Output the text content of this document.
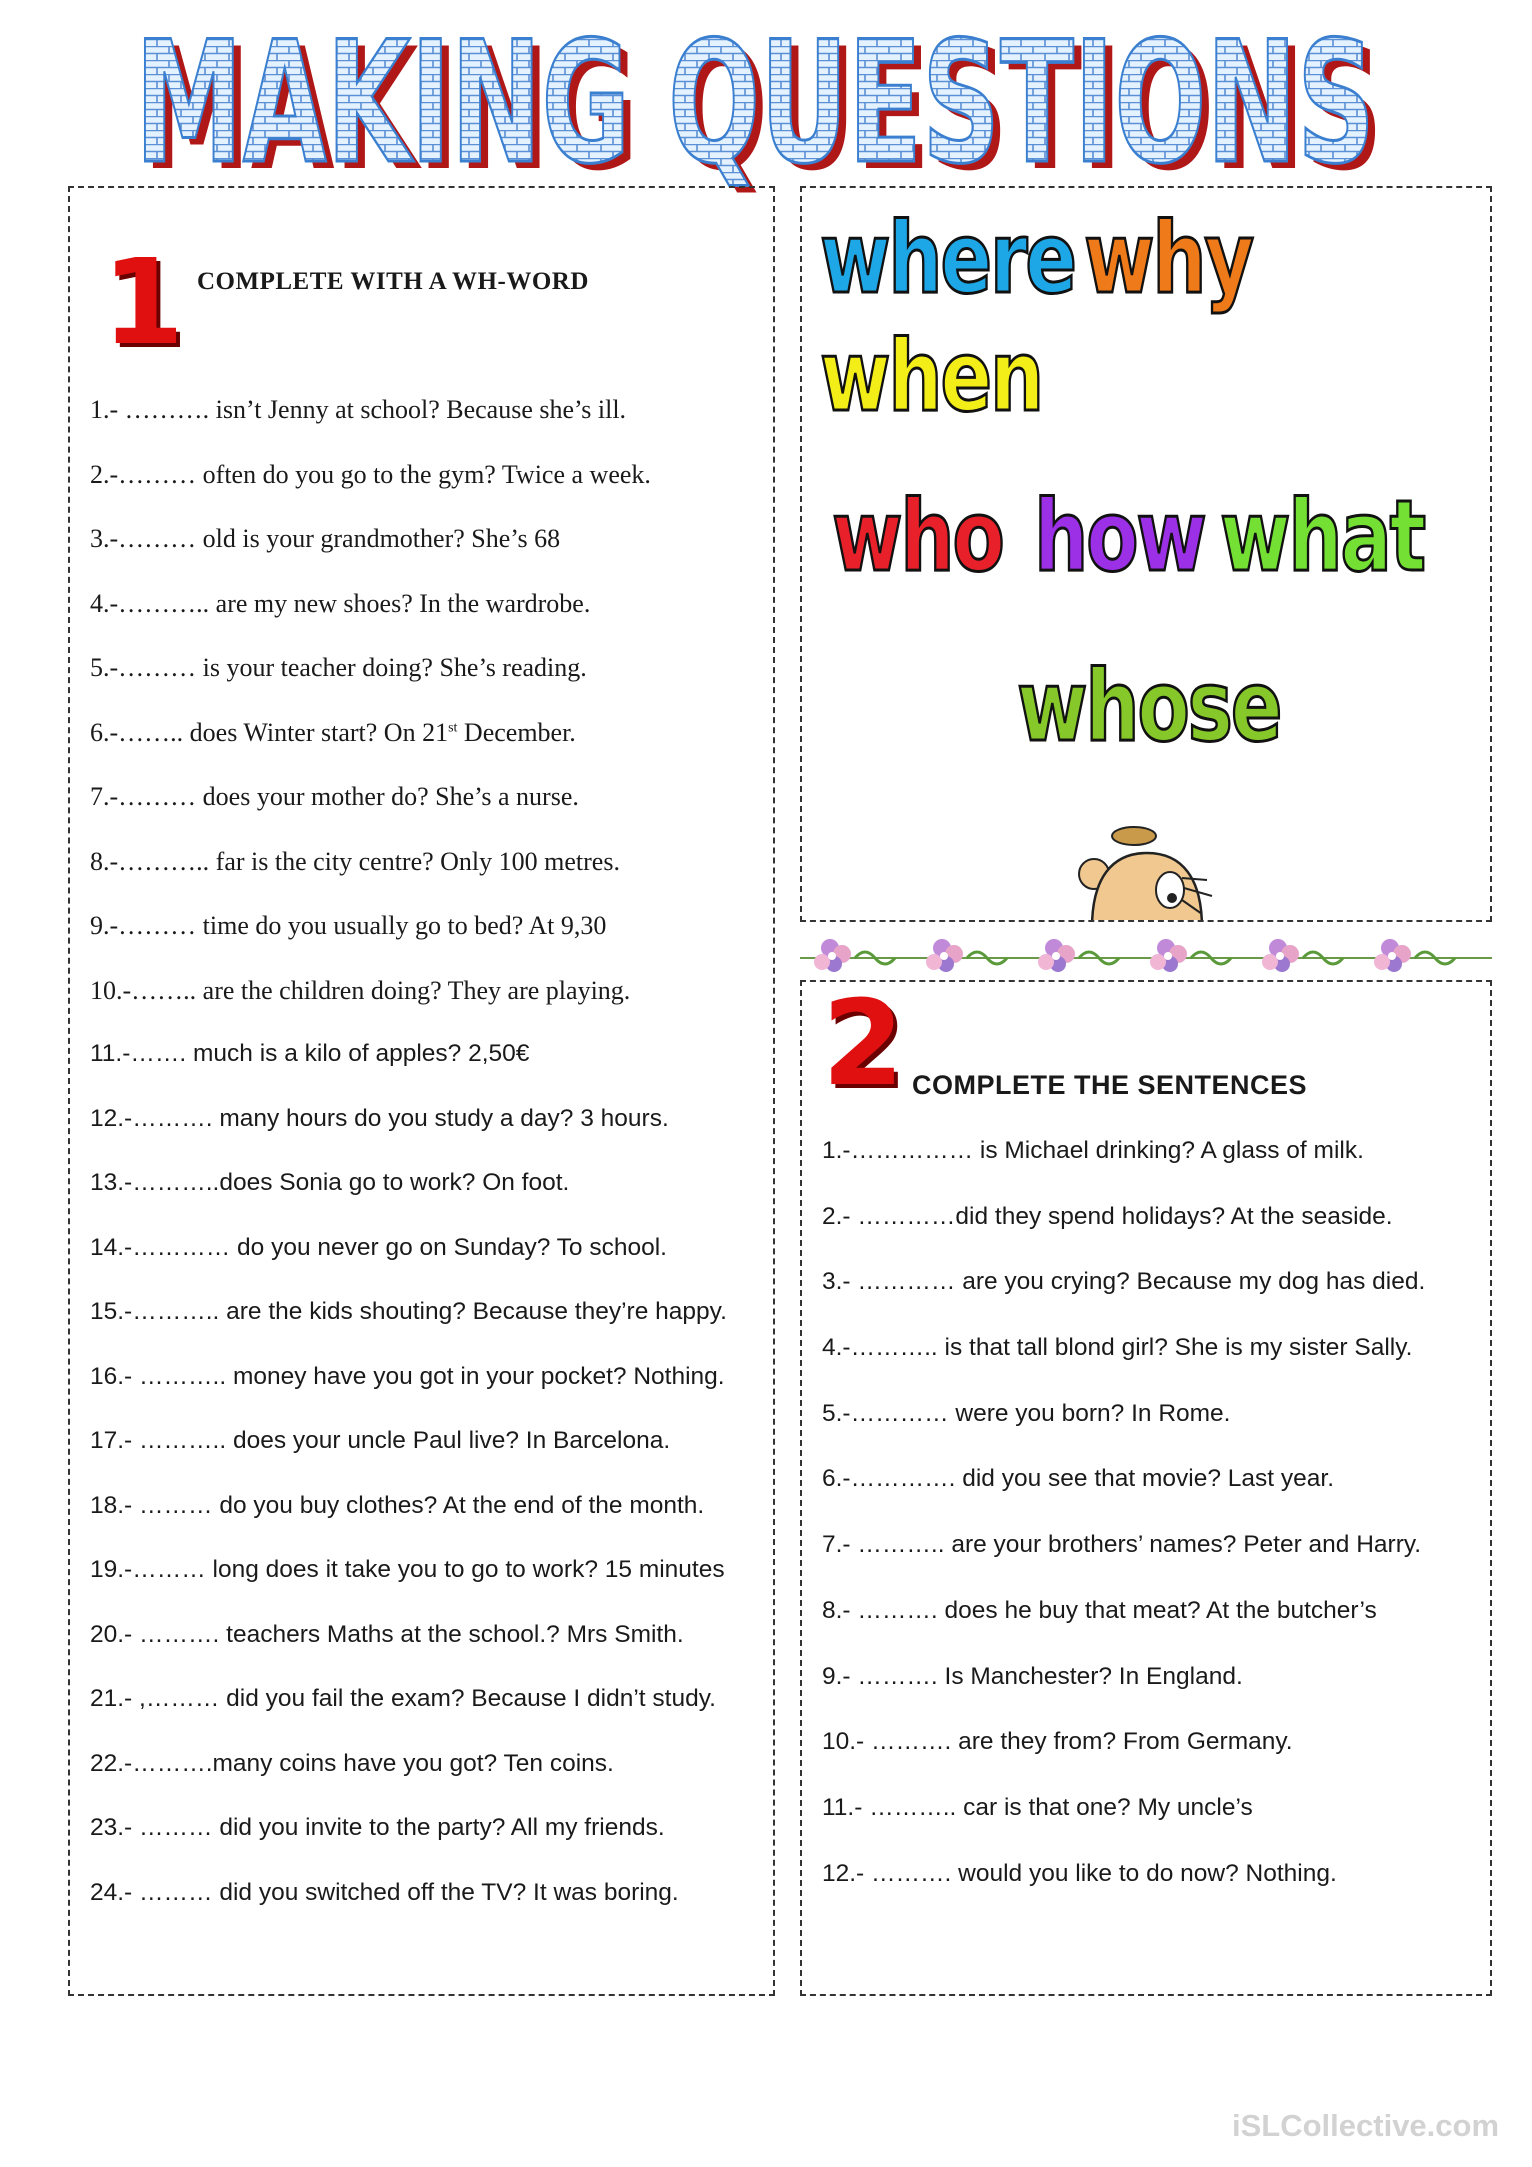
MAKING QUESTIONS
MAKING QUESTIONS
1 COMPLETE WITH A WH-WORD
1.- ………. isn’t Jenny at school? Because she’s ill.
2.-……… often do you go to the gym? Twice a week.
3.-……… old is your grandmother? She’s 68
4.-……….. are my new shoes? In the wardrobe.
5.-……… is your teacher doing? She’s reading.
6.-…….. does Winter start? On 21st December.
7.-……… does your mother do? She’s a nurse.
8.-……….. far is the city centre? Only 100 metres.
9.-……… time do you usually go to bed? At 9,30
10.-…….. are the children doing? They are playing.
11.-……. much is a kilo of apples? 2,50€
12.-………. many hours do you study a day? 3 hours.
13.-………..does Sonia go to work? On foot.
14.-………… do you never go on Sunday? To school.
15.-……….. are the kids shouting? Because they’re happy.
16.- ……….. money have you got in your pocket? Nothing.
17.- ……….. does your uncle Paul live? In Barcelona.
18.- ……… do you buy clothes? At the end of the month.
19.-……… long does it take you to go to work? 15 minutes
20.- ………. teachers Maths at the school.? Mrs Smith.
21.- ,……… did you fail the exam? Because I didn’t study.
22.-……….many coins have you got? Ten coins.
23.- ……… did you invite to the party? All my friends.
24.- ……… did you switched off the TV? It was boring.
where why
when
who how what
whose
2 COMPLETE THE SENTENCES
1.-…………… is Michael drinking? A glass of milk.
2.- …………did they spend holidays? At the seaside.
3.- ………… are you crying? Because my dog has died.
4.-……….. is that tall blond girl? She is my sister Sally.
5.-………… were you born? In Rome.
6.-…………. did you see that movie? Last year.
7.- ……….. are your brothers’ names? Peter and Harry.
8.- ………. does he buy that meat? At the butcher’s
9.- ………. Is Manchester? In England.
10.- ………. are they from? From Germany.
11.- ……….. car is that one? My uncle’s
12.- ………. would you like to do now? Nothing.
iSLCollective.com
